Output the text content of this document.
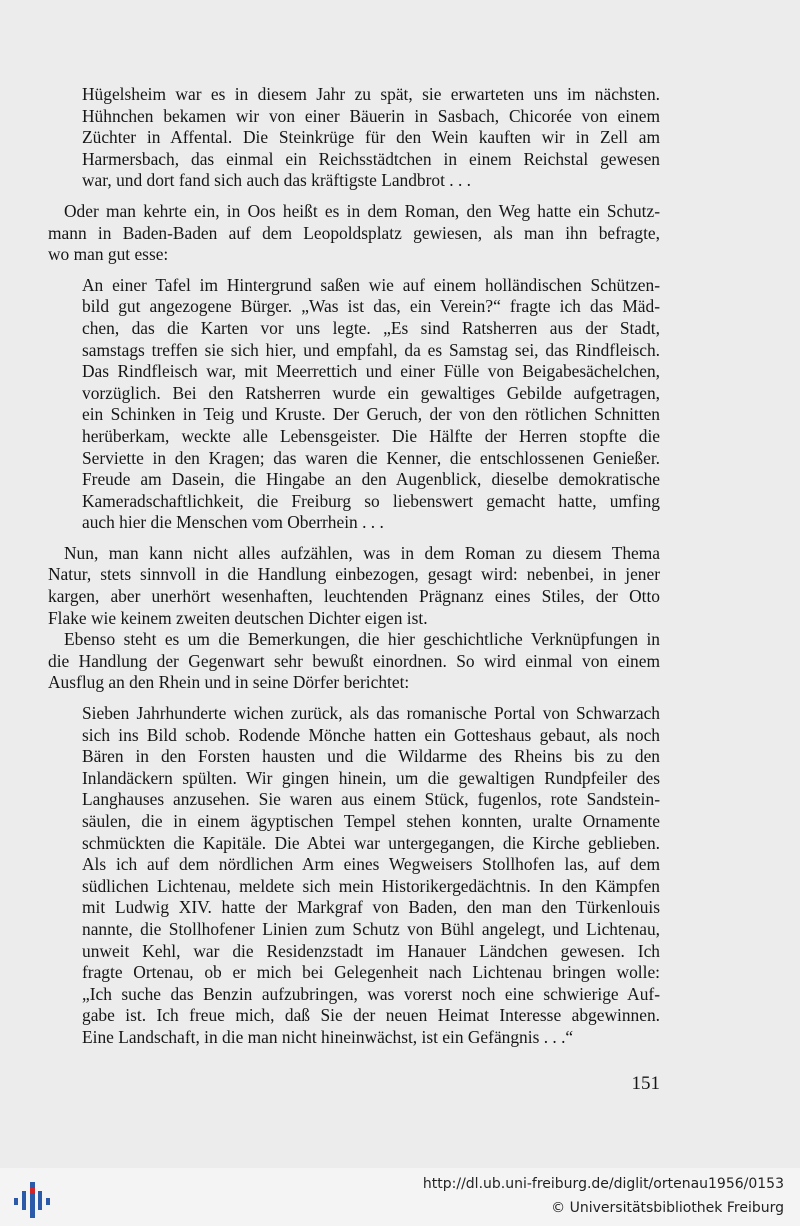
Hügelsheim war es in diesem Jahr zu spät, sie erwarteten uns im nächsten.
Hühnchen bekamen wir von einer Bäuerin in Sasbach, Chicorée von einem
Züchter in Affental. Die Steinkrüge für den Wein kauften wir in Zell am
Harmersbach, das einmal ein Reichsstädtchen in einem Reichstal gewesen
war, und dort fand sich auch das kräftigste Landbrot . . .
Oder man kehrte ein, in Oos heißt es in dem Roman, den Weg hatte ein Schutz-
mann in Baden-Baden auf dem Leopoldsplatz gewiesen, als man ihn befragte,
wo man gut esse:
An einer Tafel im Hintergrund saßen wie auf einem holländischen Schützen-
bild gut angezogene Bürger. „Was ist das, ein Verein?“ fragte ich das Mäd-
chen, das die Karten vor uns legte. „Es sind Ratsherren aus der Stadt,
samstags treffen sie sich hier, und empfahl, da es Samstag sei, das Rindfleisch.
Das Rindfleisch war, mit Meerrettich und einer Fülle von Beigabesächelchen,
vorzüglich. Bei den Ratsherren wurde ein gewaltiges Gebilde aufgetragen,
ein Schinken in Teig und Kruste. Der Geruch, der von den rötlichen Schnitten
herüberkam, weckte alle Lebensgeister. Die Hälfte der Herren stopfte die
Serviette in den Kragen; das waren die Kenner, die entschlossenen Genießer.
Freude am Dasein, die Hingabe an den Augenblick, dieselbe demokratische
Kameradschaftlichkeit, die Freiburg so liebenswert gemacht hatte, umfing
auch hier die Menschen vom Oberrhein . . .
Nun, man kann nicht alles aufzählen, was in dem Roman zu diesem Thema
Natur, stets sinnvoll in die Handlung einbezogen, gesagt wird: nebenbei, in jener
kargen, aber unerhört wesenhaften, leuchtenden Prägnanz eines Stiles, der Otto
Flake wie keinem zweiten deutschen Dichter eigen ist.
Ebenso steht es um die Bemerkungen, die hier geschichtliche Verknüpfungen in
die Handlung der Gegenwart sehr bewußt einordnen. So wird einmal von einem
Ausflug an den Rhein und in seine Dörfer berichtet:
Sieben Jahrhunderte wichen zurück, als das romanische Portal von Schwarzach
sich ins Bild schob. Rodende Mönche hatten ein Gotteshaus gebaut, als noch
Bären in den Forsten hausten und die Wildarme des Rheins bis zu den
Inlandäckern spülten. Wir gingen hinein, um die gewaltigen Rundpfeiler des
Langhauses anzusehen. Sie waren aus einem Stück, fugenlos, rote Sandstein-
säulen, die in einem ägyptischen Tempel stehen konnten, uralte Ornamente
schmückten die Kapitäle. Die Abtei war untergegangen, die Kirche geblieben.
Als ich auf dem nördlichen Arm eines Wegweisers Stollhofen las, auf dem
südlichen Lichtenau, meldete sich mein Historikergedächtnis. In den Kämpfen
mit Ludwig XIV. hatte der Markgraf von Baden, den man den Türkenlouis
nannte, die Stollhofener Linien zum Schutz von Bühl angelegt, und Lichtenau,
unweit Kehl, war die Residenzstadt im Hanauer Ländchen gewesen. Ich
fragte Ortenau, ob er mich bei Gelegenheit nach Lichtenau bringen wolle:
„Ich suche das Benzin aufzubringen, was vorerst noch eine schwierige Auf-
gabe ist. Ich freue mich, daß Sie der neuen Heimat Interesse abgewinnen.
Eine Landschaft, in die man nicht hineinwächst, ist ein Gefängnis . . .“
151
http://dl.ub.uni-freiburg.de/diglit/ortenau1956/0153
© Universitätsbibliothek Freiburg
